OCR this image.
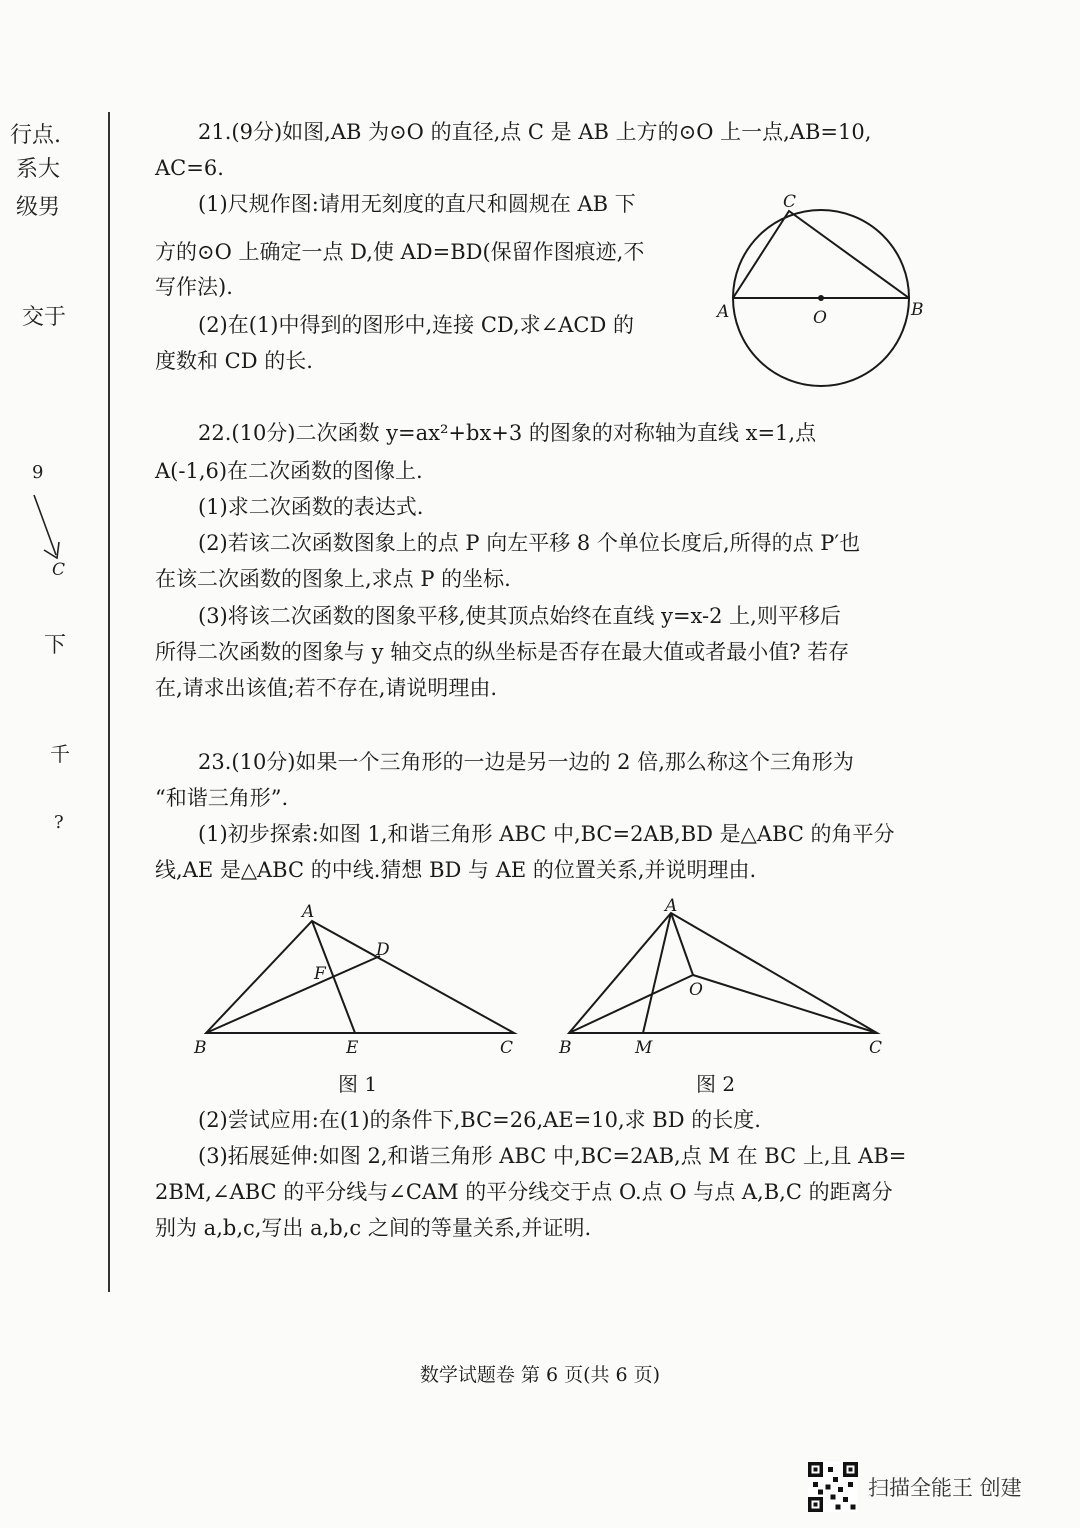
行点.
系大
级男
交于
9
C
下
千
?
21.(9分)如图,AB 为⊙O 的直径,点 C 是 AB 上方的⊙O 上一点,AB=10,
AC=6.
(1)尺规作图:请用无刻度的直尺和圆规在 AB 下
方的⊙O 上确定一点 D,使 AD=BD(保留作图痕迹,不
写作法).
(2)在(1)中得到的图形中,连接 CD,求∠ACD 的
度数和 CD 的长.
A	B
C
O
22.(10分)二次函数 y=ax²+bx+3 的图象的对称轴为直线 x=1,点
A(-1,6)在二次函数的图像上.
(1)求二次函数的表达式.
(2)若该二次函数图象上的点 P 向左平移 8 个单位长度后,所得的点 P′也
在该二次函数的图象上,求点 P 的坐标.
(3)将该二次函数的图象平移,使其顶点始终在直线 y=x-2 上,则平移后
所得二次函数的图象与 y 轴交点的纵坐标是否存在最大值或者最小值? 若存
在,请求出该值;若不存在,请说明理由.
23.(10分)如果一个三角形的一边是另一边的 2 倍,那么称这个三角形为
“和谐三角形”.
(1)初步探索:如图 1,和谐三角形 ABC 中,BC=2AB,BD 是△ABC 的角平分
线,AE 是△ABC 的中线.猜想 BD 与 AE 的位置关系,并说明理由.
A
B	C
D
E
F
图 1
A
B	C
M
O
图 2
(2)尝试应用:在(1)的条件下,BC=26,AE=10,求 BD 的长度.
(3)拓展延伸:如图 2,和谐三角形 ABC 中,BC=2AB,点 M 在 BC 上,且 AB=
2BM,∠ABC 的平分线与∠CAM 的平分线交于点 O.点 O 与点 A,B,C 的距离分
别为 a,b,c,写出 a,b,c 之间的等量关系,并证明.
数学试题卷 第 6 页(共 6 页)
扫描全能王 创建
